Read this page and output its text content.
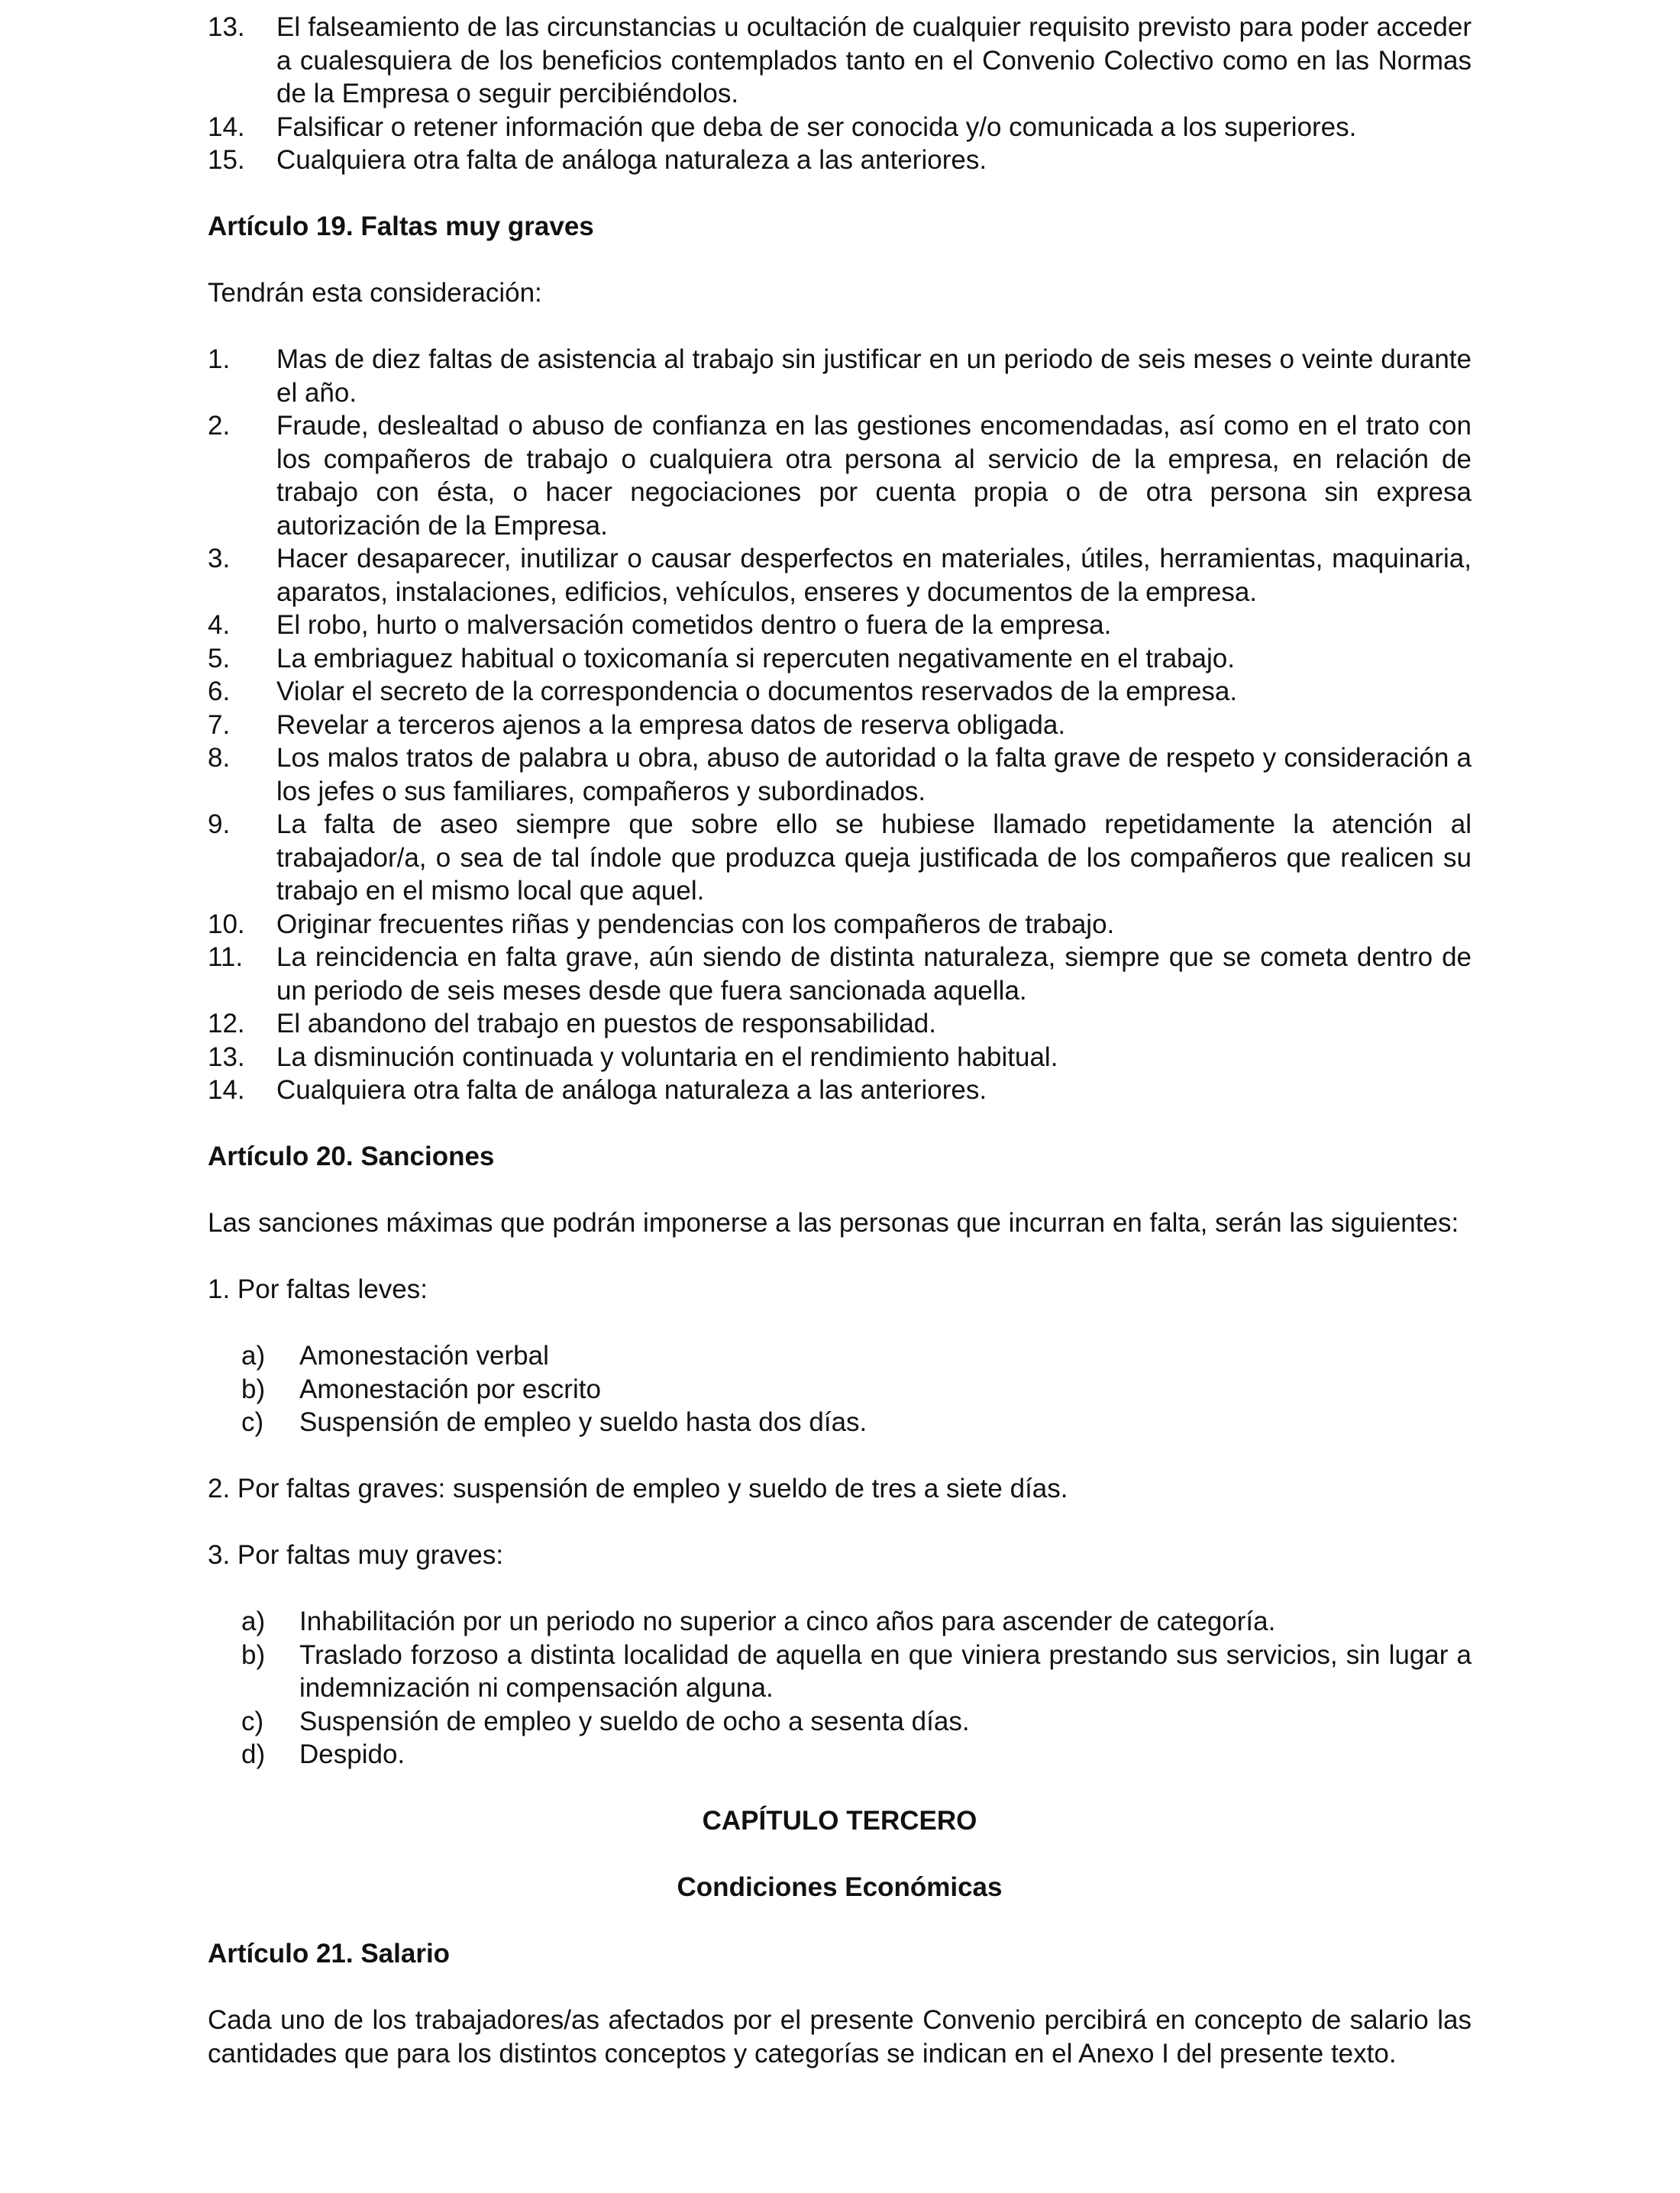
13.	El falseamiento de las circunstancias u ocultación de cualquier requisito previsto para poder acceder a cualesquiera de los beneficios contemplados tanto en el Convenio Colectivo como en las Normas de la Empresa o seguir percibiéndolos.
14.	Falsificar o retener información que deba de ser conocida y/o comunicada a los superiores.
15.	Cualquiera otra falta de análoga naturaleza a las anteriores.
Artículo 19. Faltas muy graves
Tendrán esta consideración:
1.	Mas de diez faltas de asistencia al trabajo sin justificar en un periodo de seis meses o veinte durante el año.
2.	Fraude, deslealtad o abuso de confianza en las gestiones encomendadas, así como en el trato con los compañeros de trabajo o cualquiera otra persona al servicio de la empresa, en relación de trabajo con ésta, o hacer negociaciones por cuenta propia o de otra persona sin expresa autorización de la Empresa.
3.	Hacer desaparecer, inutilizar o causar desperfectos en materiales, útiles, herramientas, maquinaria, aparatos, instalaciones, edificios, vehículos, enseres y documentos de la empresa.
4.	El robo, hurto o malversación cometidos dentro o fuera de la empresa.
5.	La embriaguez habitual o toxicomanía si repercuten negativamente en el trabajo.
6.	Violar el secreto de la correspondencia o documentos reservados de la empresa.
7.	Revelar a terceros ajenos a la empresa datos de reserva obligada.
8.	Los malos tratos de palabra u obra, abuso de autoridad o la falta grave de respeto y consideración a los jefes o sus familiares, compañeros y subordinados.
9.	La falta de aseo siempre que sobre ello se hubiese llamado repetidamente la atención al trabajador/a, o sea de tal índole que produzca queja justificada de los compañeros que realicen su trabajo en el mismo local que aquel.
10.	Originar frecuentes riñas y pendencias con los compañeros de trabajo.
11.	La reincidencia en falta grave, aún siendo de distinta naturaleza, siempre que se cometa dentro de un periodo de seis meses desde que fuera sancionada aquella.
12.	El abandono del trabajo en puestos de responsabilidad.
13.	La disminución continuada y voluntaria en el rendimiento habitual.
14.	Cualquiera otra falta de análoga naturaleza a las anteriores.
Artículo 20. Sanciones
Las sanciones máximas que podrán imponerse a las personas que incurran en falta, serán las siguientes:
1. Por faltas leves:
a)	Amonestación verbal
b)	Amonestación por escrito
c)	Suspensión de empleo y sueldo hasta dos días.
2. Por faltas graves: suspensión de empleo y sueldo de tres a siete días.
3. Por faltas muy graves:
a)	Inhabilitación por un periodo no superior a cinco años para ascender de categoría.
b)	Traslado forzoso a distinta localidad de aquella en que viniera prestando sus servicios, sin lugar a indemnización ni compensación alguna.
c)	Suspensión de empleo y sueldo de ocho a sesenta días.
d)	Despido.
CAPÍTULO TERCERO
Condiciones Económicas
Artículo 21. Salario
Cada uno de los trabajadores/as afectados por el presente Convenio percibirá en concepto de salario las cantidades que para los distintos conceptos y categorías se indican en el Anexo I del presente texto.
